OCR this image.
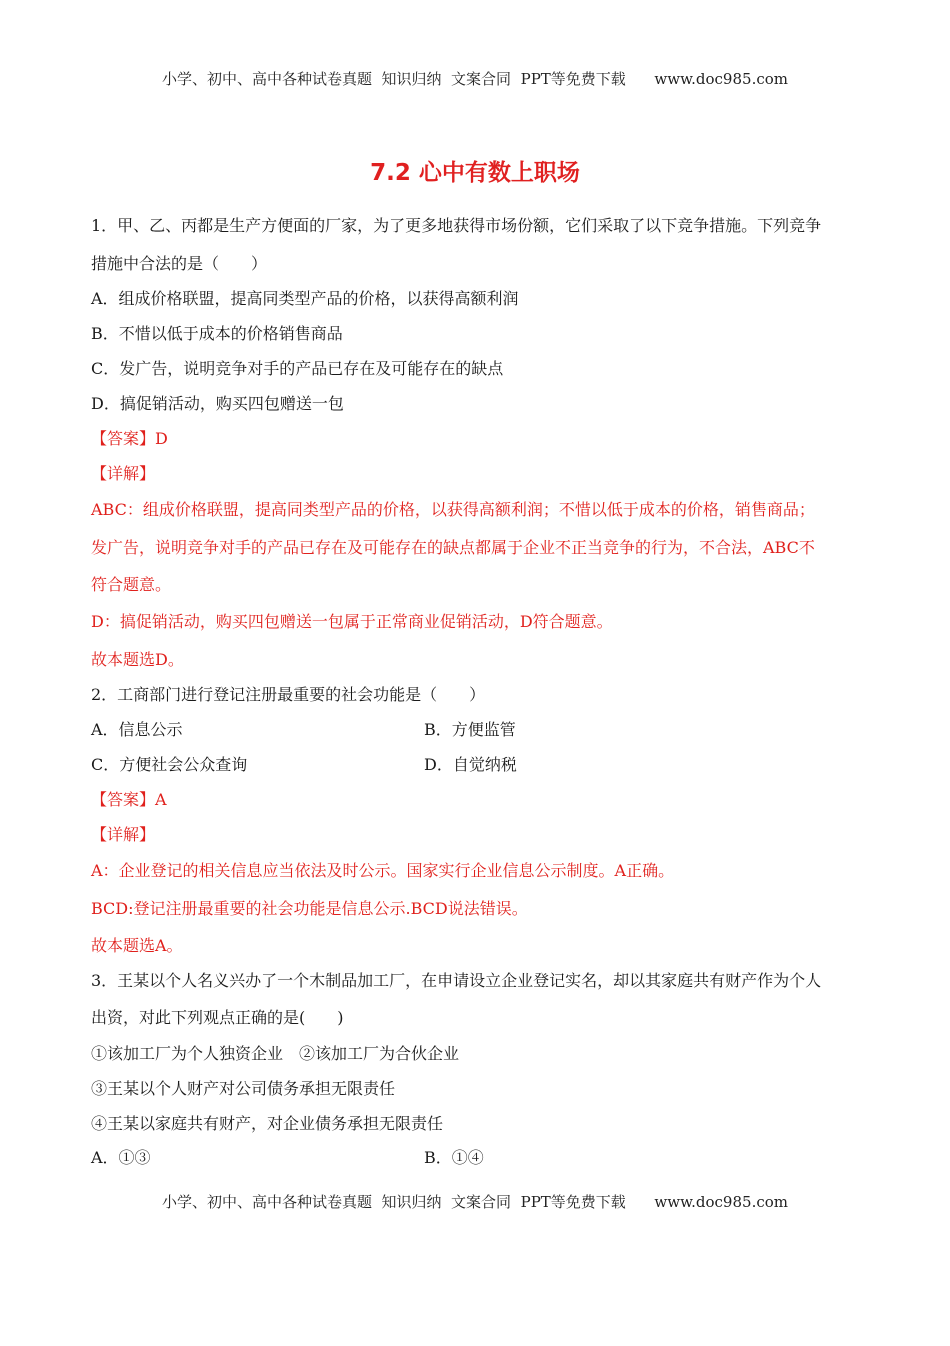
小学、初中、高中各种试卷真题  知识归纳  文案合同  PPT等免费下载      www.doc985.com
7.2 心中有数上职场
1．甲、乙、丙都是生产方便面的厂家，为了更多地获得市场份额，它们采取了以下竞争措施。下列竞争
措施中合法的是（　　）
A．组成价格联盟，提高同类型产品的价格，以获得高额利润
B．不惜以低于成本的价格销售商品
C．发广告，说明竞争对手的产品已存在及可能存在的缺点
D．搞促销活动，购买四包赠送一包
【答案】D
【详解】
ABC：组成价格联盟，提高同类型产品的价格，以获得高额利润；不惜以低于成本的价格，销售商品；
发广告，说明竞争对手的产品已存在及可能存在的缺点都属于企业不正当竞争的行为，不合法，ABC不
符合题意。
D：搞促销活动，购买四包赠送一包属于正常商业促销活动，D符合题意。
故本题选D。
2．工商部门进行登记注册最重要的社会功能是（　　）
A．信息公示	B．方便监管
C．方便社会公众查询	D．自觉纳税
【答案】A
【详解】
A：企业登记的相关信息应当依法及时公示。国家实行企业信息公示制度。A正确。
BCD:登记注册最重要的社会功能是信息公示.BCD说法错误。
故本题选A。
3．王某以个人名义兴办了一个木制品加工厂，在申请设立企业登记实名，却以其家庭共有财产作为个人
出资，对此下列观点正确的是(　　)
①该加工厂为个人独资企业　②该加工厂为合伙企业
③王某以个人财产对公司债务承担无限责任
④王某以家庭共有财产，对企业债务承担无限责任
A．①③	B．①④
小学、初中、高中各种试卷真题  知识归纳  文案合同  PPT等免费下载      www.doc985.com
